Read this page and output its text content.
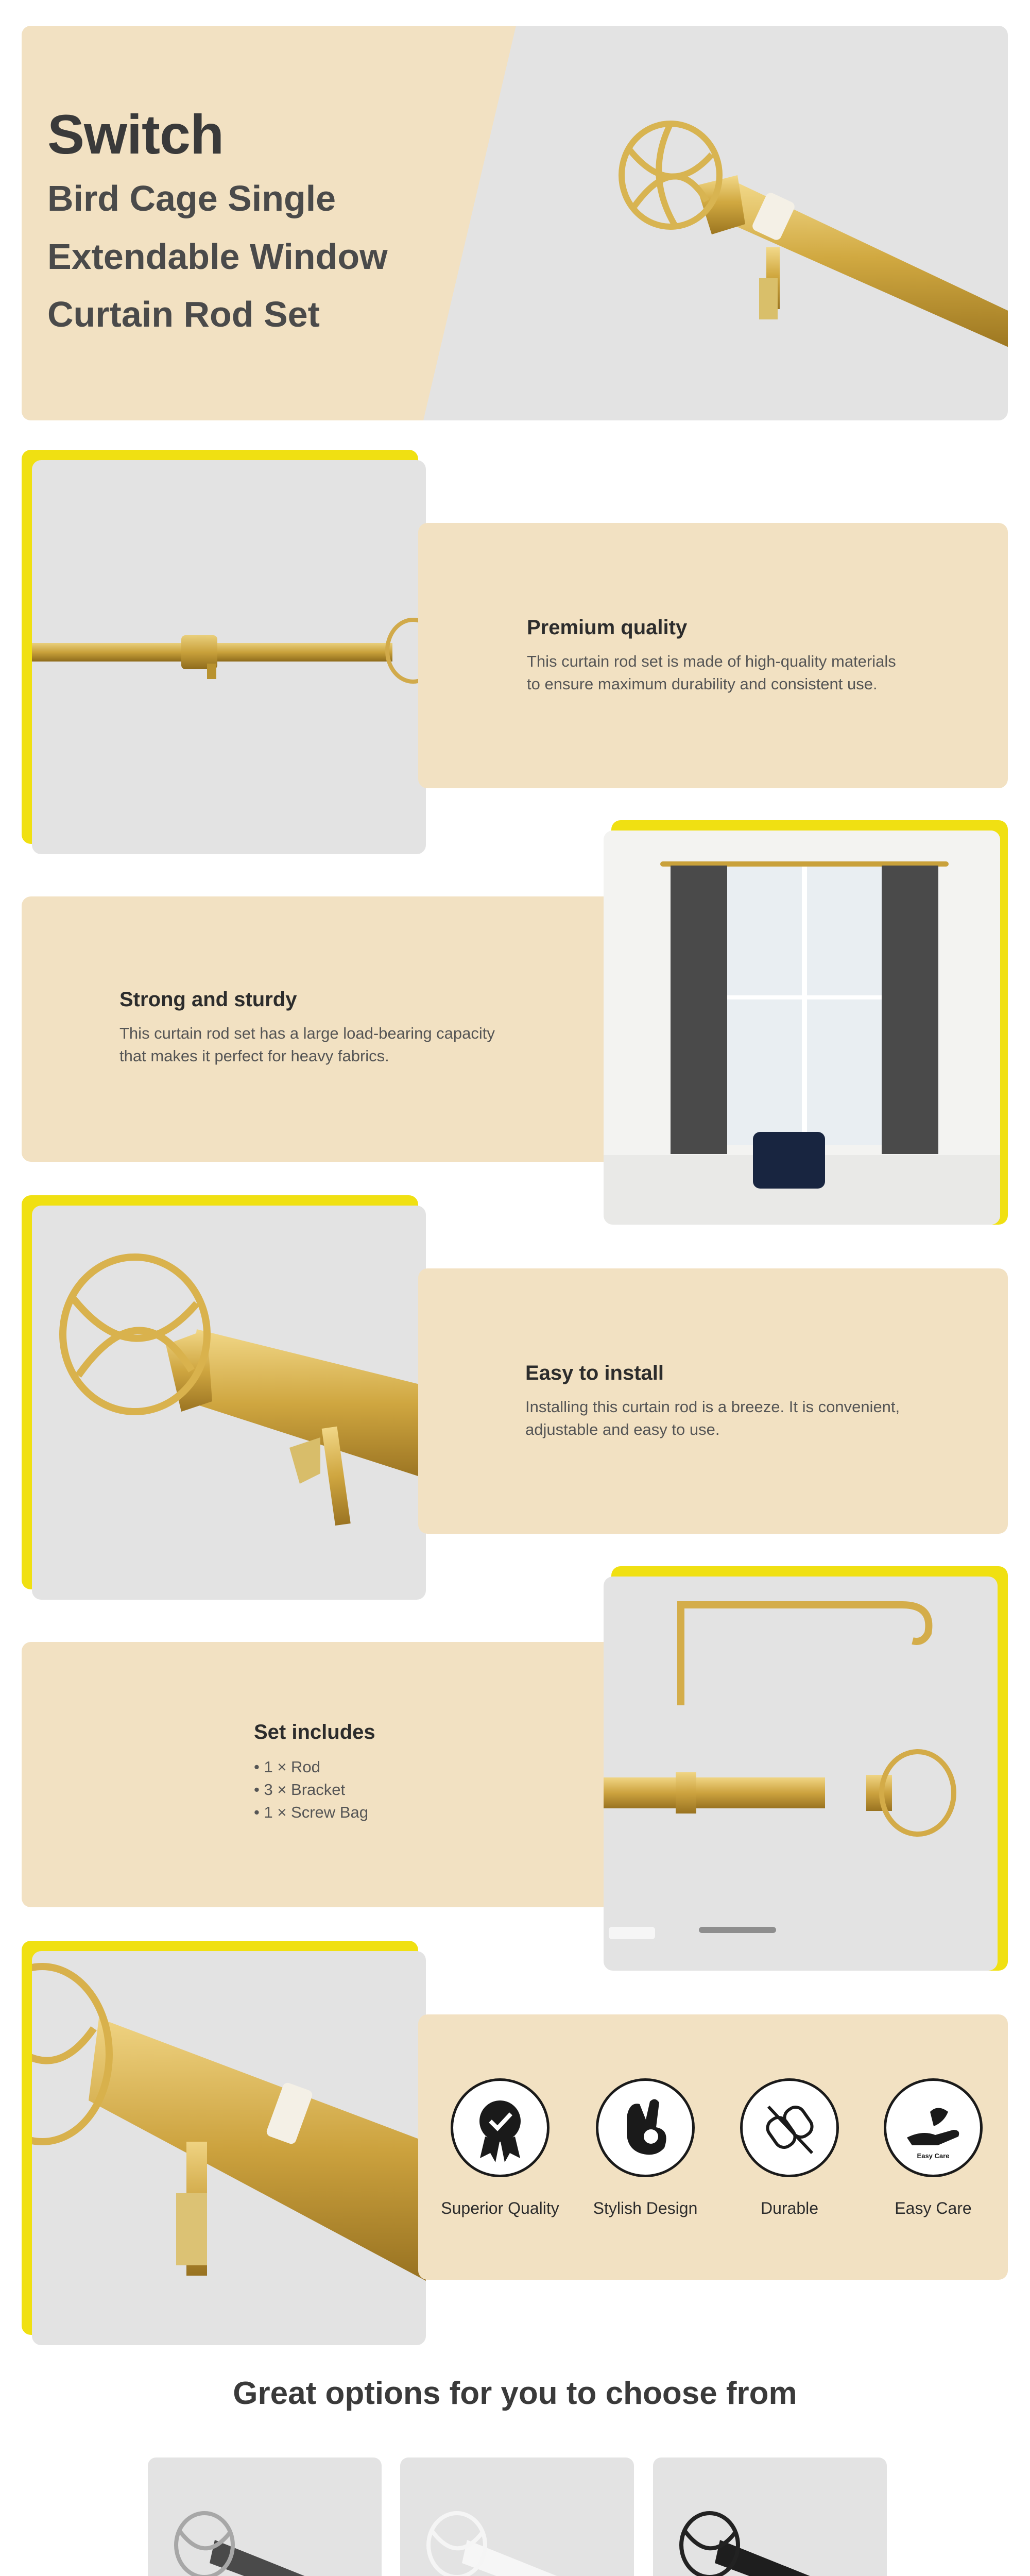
Switch
Bird Cage Single
Extendable Window
Curtain Rod Set
Premium quality
This curtain rod set is made of high-quality materials
to ensure maximum durability and consistent use.
Strong and sturdy
This curtain rod set has a large load-bearing capacity
that makes it perfect for heavy fabrics.
Easy to install
Installing this curtain rod is a breeze. It is convenient,
adjustable and easy to use.
Set includes
• 1 × Rod
• 3 × Bracket
• 1 × Screw Bag
Superior Quality	Stylish Design	Durable
Easy Care
Easy Care
Great options for you to choose from
